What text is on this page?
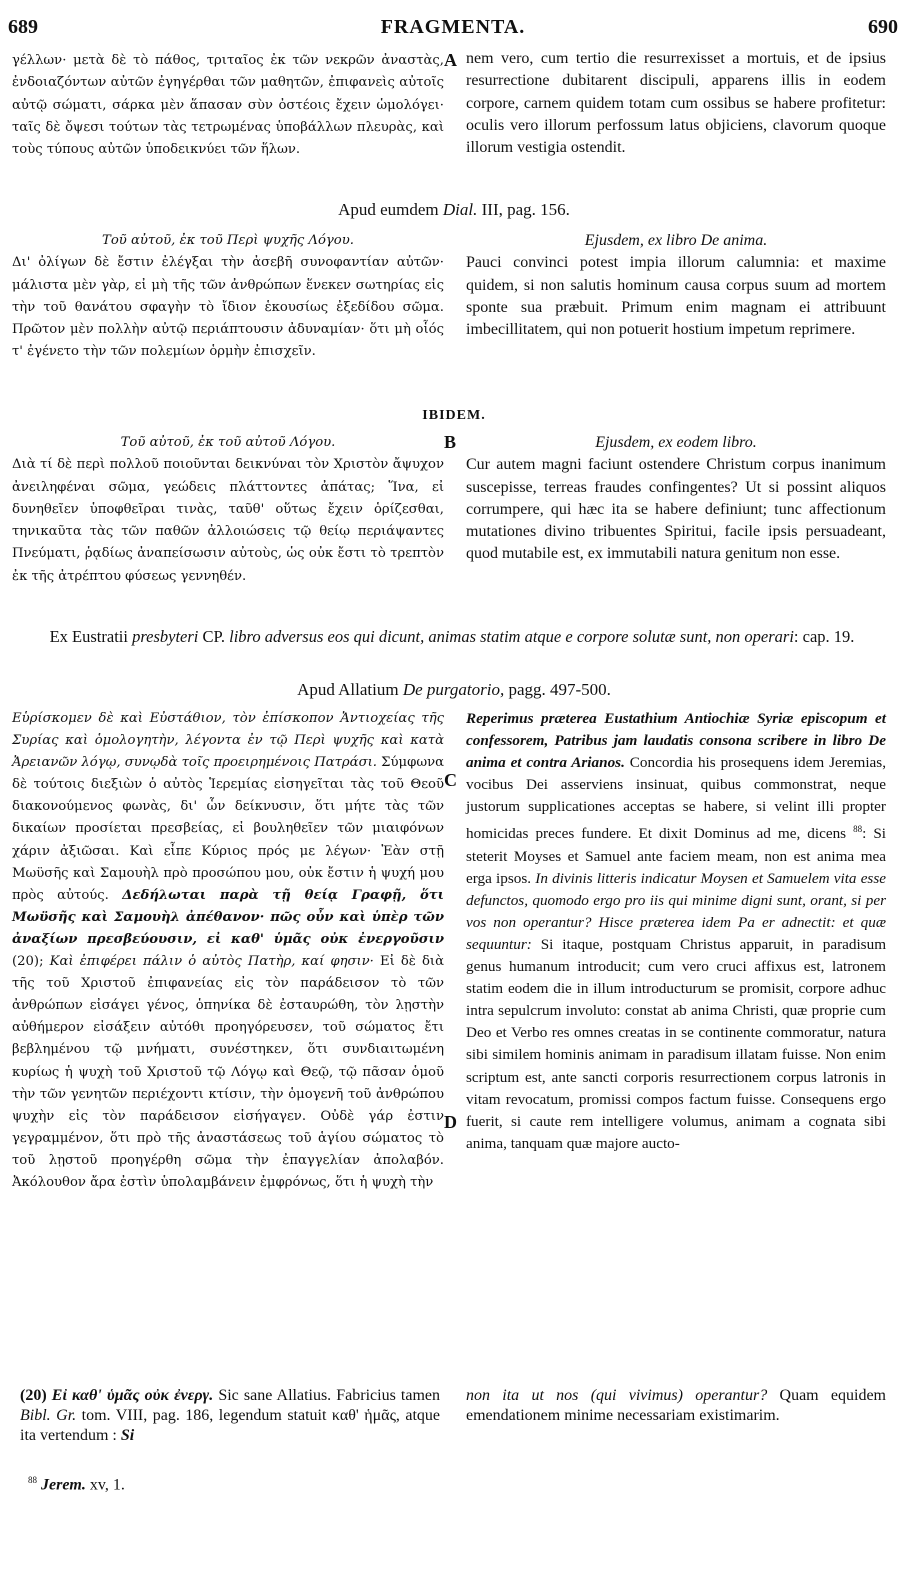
689	FRAGMENTA.	690

γέλλων· μετὰ δὲ τὸ πάθος, τριταῖος ἐκ τῶν νεκρῶν ἀναστὰς, ἐνδοιαζόντων αὐτῶν ἐγηγέρθαι τῶν μαθητῶν, ἐπιφανεὶς αὐτοῖς αὐτῷ σώματι, σάρκα μὲν ἅπασαν σὺν ὀστέοις ἔχειν ὡμολόγει· ταῖς δὲ ὄψεσι τούτων τὰς τετρωμένας ὑποβάλλων πλευρὰς, καὶ τοὺς τύπους αὐτῶν ὑποδεικνύει τῶν ἥλων.

A nem vero, cum tertio die resurrexisset a mortuis, et de ipsius resurrectione dubitarent discipuli, apparens illis in eodem corpore, carnem quidem totam cum ossibus se habere profitetur: oculis vero illorum perfossum latus objiciens, clavorum quoque illorum vestigia ostendit.

Apud eumdem Dial. III, pag. 156.

Τοῦ αὐτοῦ, ἐκ τοῦ Περὶ ψυχῆς Λόγου.

Δι' ὀλίγων δὲ ἔστιν ἐλέγξαι τὴν ἀσεβῆ συνοφαντίαν αὐτῶν· μάλιστα μὲν γὰρ, εἰ μὴ τῆς τῶν ἀνθρώπων ἕνεκεν σωτηρίας εἰς τὴν τοῦ θανάτου σφαγὴν τὸ ἴδιον ἑκουσίως ἐξεδίδου σῶμα. Πρῶτον μὲν πολλὴν αὐτῷ περιάπτουσιν ἀδυναμίαν· ὅτι μὴ οἷός τ' ἐγένετο τὴν τῶν πολεμίων ὁρμὴν ἐπισχεῖν.

Ejusdem, ex libro De anima.

Pauci convinci potest impia illorum calumnia: et maxime quidem, si non salutis hominum causa corpus suum ad mortem sponte sua præbuit. Primum enim magnam ei attribuunt imbecillitatem, qui non potuerit hostium impetum reprimere.

IBIDEM.

Τοῦ αὐτοῦ, ἐκ τοῦ αὐτοῦ Λόγου.

Διὰ τί δὲ περὶ πολλοῦ ποιοῦνται δεικνύναι τὸν Χριστὸν ἄψυχον ἀνειληφέναι σῶμα, γεώδεις πλάττοντες ἀπάτας; Ἵνα, εἰ δυνηθεῖεν ὑποφθεῖραι τινὰς, ταῦθ' οὕτως ἔχειν ὁρίζεσθαι, τηνικαῦτα τὰς τῶν παθῶν ἀλλοιώσεις τῷ θείῳ περιάψαντες Πνεύματι, ῥᾳδίως ἀναπείσωσιν αὐτοὺς, ὡς οὐκ ἔστι τὸ τρεπτὸν ἐκ τῆς ἀτρέπτου φύσεως γεννηθέν.

B	Ejusdem, ex eodem libro.

Cur autem magni faciunt ostendere Christum corpus inanimum suscepisse, terreas fraudes confingentes? Ut si possint aliquos corrumpere, qui hæc ita se habere definiunt; tunc affectionum mutationes divino tribuentes Spiritui, facile ipsis persuadeant, quod mutabile est, ex immutabili natura genitum non esse.

Ex Eustratii presbyteri CP. libro adversus eos qui dicunt, animas statim atque e corpore solutæ sunt, non operari: cap. 19.
Apud Allatium De purgatorio, pagg. 497-500.

Εὑρίσκομεν δὲ καὶ Εὐστάθιον, τὸν ἐπίσκοπον Ἀντιοχείας τῆς Συρίας καὶ ὁμολογητὴν, λέγοντα ἐν τῷ Περὶ ψυχῆς καὶ κατὰ Ἀρειανῶν λόγῳ, συνῳδὰ τοῖς προειρημένοις Πατράσι. Σύμφωνα δὲ τούτοις διεξιὼν ὁ αὐτὸς Ἱερεμίας εἰσηγεῖται τὰς τοῦ Θεοῦ διακονούμενος φωνὰς, δι' ὧν δείκνυσιν, ὅτι μήτε τὰς τῶν δικαίων προσίεται πρεσβείας, εἰ βουληθεῖεν τῶν μιαιφόνων χάριν ἀξιῶσαι. Καὶ εἶπε Κύριος πρός με λέγων· Ἐὰν στῇ Μωϋσῆς καὶ Σαμουὴλ πρὸ προσώπου μου, οὐκ ἔστιν ἡ ψυχή μου πρὸς αὐτούς. Δεδήλωται παρὰ τῇ θείᾳ Γραφῇ, ὅτι Μωϋσῆς καὶ Σαμουὴλ ἀπέθανον· πῶς οὖν καὶ ὑπὲρ τῶν ἀναξίων πρεσβεύουσιν, εἰ καθ' ὑμᾶς οὐκ ἐνεργοῦσιν (20); Καὶ ἐπιφέρει πάλιν ὁ αὐτὸς Πατὴρ, καί φησιν· Εἰ δὲ διὰ τῆς τοῦ Χριστοῦ ἐπιφανείας εἰς τὸν παράδεισον τὸ τῶν ἀνθρώπων εἰσάγει γένος, ὁπηνίκα δὲ ἐσταυρώθη, τὸν λῃστὴν αὐθήμερον εἰσάξειν αὐτόθι προηγόρευσεν, τοῦ σώματος ἔτι βεβλημένου τῷ μνήματι, συνέστηκεν, ὅτι συνδιαιτωμένη κυρίως ἡ ψυχὴ τοῦ Χριστοῦ τῷ Λόγῳ καὶ Θεῷ, τῷ πᾶσαν ὁμοῦ τὴν τῶν γενητῶν περιέχοντι κτίσιν, τὴν ὁμογενῆ τοῦ ἀνθρώπου ψυχὴν εἰς τὸν παράδεισον εἰσήγαγεν. Οὐδὲ γάρ ἐστιν γεγραμμένον, ὅτι πρὸ τῆς ἀναστάσεως τοῦ ἁγίου σώματος τὸ τοῦ λῃστοῦ προηγέρθη σῶμα τὴν ἐπαγγελίαν ἀπολαβόν. Ἀκόλουθον ἄρα ἐστὶν ὑπολαμβάνειν ἐμφρόνως, ὅτι ἡ ψυχὴ τὴν

C
D

Reperimus præterea Eustathium Antiochiæ Syriæ episcopum et confessorem, Patribus jam laudatis consona scribere in libro De anima et contra Arianos. Concordia his prosequens idem Jeremias, vocibus Dei asserviens insinuat, quibus commonstrat, neque justorum supplicationes acceptas se habere, si velint illi propter homicidas preces fundere. Et dixit Dominus ad me, dicens $^{88}$: Si steterit Moyses et Samuel ante faciem meam, non est anima mea erga ipsos. In divinis litteris indicatur Moysen et Samuelem vita esse defunctos, quomodo ergo pro iis qui minime digni sunt, orant, si per vos non operantur? Hisce præterea idem Pa er adnectit: et quæ sequuntur: Si itaque, postquam Christus apparuit, in paradisum genus humanum introducit; cum vero cruci affixus est, latronem statim eodem die in illum introducturum se promisit, corpore adhuc intra sepulcrum involuto: constat ab anima Christi, quæ proprie cum Deo et Verbo res omnes creatas in se continente commoratur, natura sibi similem hominis animam in paradisum illatam fuisse. Non enim scriptum est, ante sancti corporis resurrectionem corpus latronis in vitam revocatum, promissi compos factum fuisse. Consequens ergo fuerit, si caute rem intelligere volumus, animam a cognata sibi anima, tanquam quæ majore aucto-

(20) Εἰ καθ' ὑμᾶς οὐκ ἐνεργ. Sic sane Allatius. Fabricius tamen Bibl. Gr. tom. VIII, pag. 186, legendum statuit καθ' ἡμᾶς, atque ita vertendum : Si
non ita ut nos (qui vivimus) operantur? Quam equidem emendationem minime necessariam existimarim.
$^{88}$ Jerem. xv, 1.
